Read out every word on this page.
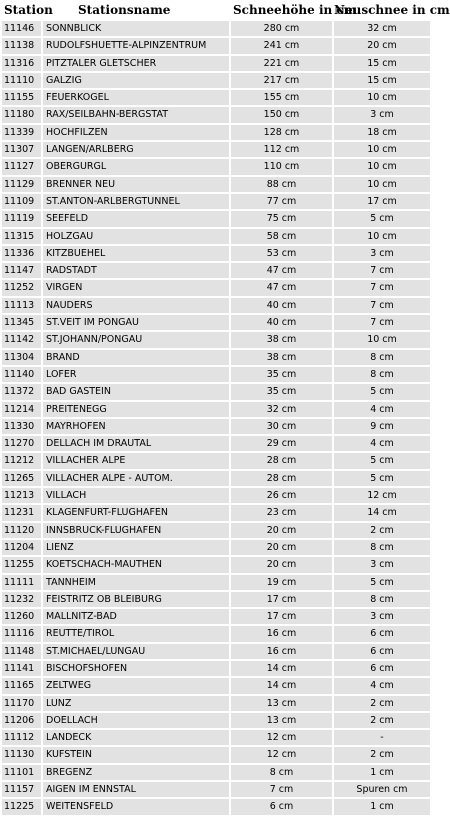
Station	Stationsname	Schneehöhe in cm	Neuschnee in cm
11146	SONNBLICK	280 cm	32 cm
11138	RUDOLFSHUETTE-ALPINZENTRUM	241 cm	20 cm
11316	PITZTALER GLETSCHER	221 cm	15 cm
11110	GALZIG	217 cm	15 cm
11155	FEUERKOGEL	155 cm	10 cm
11180	RAX/SEILBAHN-BERGSTAT	150 cm	3 cm
11339	HOCHFILZEN	128 cm	18 cm
11307	LANGEN/ARLBERG	112 cm	10 cm
11127	OBERGURGL	110 cm	10 cm
11129	BRENNER NEU	88 cm	10 cm
11109	ST.ANTON-ARLBERGTUNNEL	77 cm	17 cm
11119	SEEFELD	75 cm	5 cm
11315	HOLZGAU	58 cm	10 cm
11336	KITZBUEHEL	53 cm	3 cm
11147	RADSTADT	47 cm	7 cm
11252	VIRGEN	47 cm	7 cm
11113	NAUDERS	40 cm	7 cm
11345	ST.VEIT IM PONGAU	40 cm	7 cm
11142	ST.JOHANN/PONGAU	38 cm	10 cm
11304	BRAND	38 cm	8 cm
11140	LOFER	35 cm	8 cm
11372	BAD GASTEIN	35 cm	5 cm
11214	PREITENEGG	32 cm	4 cm
11330	MAYRHOFEN	30 cm	9 cm
11270	DELLACH IM DRAUTAL	29 cm	4 cm
11212	VILLACHER ALPE	28 cm	5 cm
11265	VILLACHER ALPE - AUTOM.	28 cm	5 cm
11213	VILLACH	26 cm	12 cm
11231	KLAGENFURT-FLUGHAFEN	23 cm	14 cm
11120	INNSBRUCK-FLUGHAFEN	20 cm	2 cm
11204	LIENZ	20 cm	8 cm
11255	KOETSCHACH-MAUTHEN	20 cm	3 cm
11111	TANNHEIM	19 cm	5 cm
11232	FEISTRITZ OB BLEIBURG	17 cm	8 cm
11260	MALLNITZ-BAD	17 cm	3 cm
11116	REUTTE/TIROL	16 cm	6 cm
11148	ST.MICHAEL/LUNGAU	16 cm	6 cm
11141	BISCHOFSHOFEN	14 cm	6 cm
11165	ZELTWEG	14 cm	4 cm
11170	LUNZ	13 cm	2 cm
11206	DOELLACH	13 cm	2 cm
11112	LANDECK	12 cm	-
11130	KUFSTEIN	12 cm	2 cm
11101	BREGENZ	8 cm	1 cm
11157	AIGEN IM ENNSTAL	7 cm	Spuren cm
11225	WEITENSFELD	6 cm	1 cm
